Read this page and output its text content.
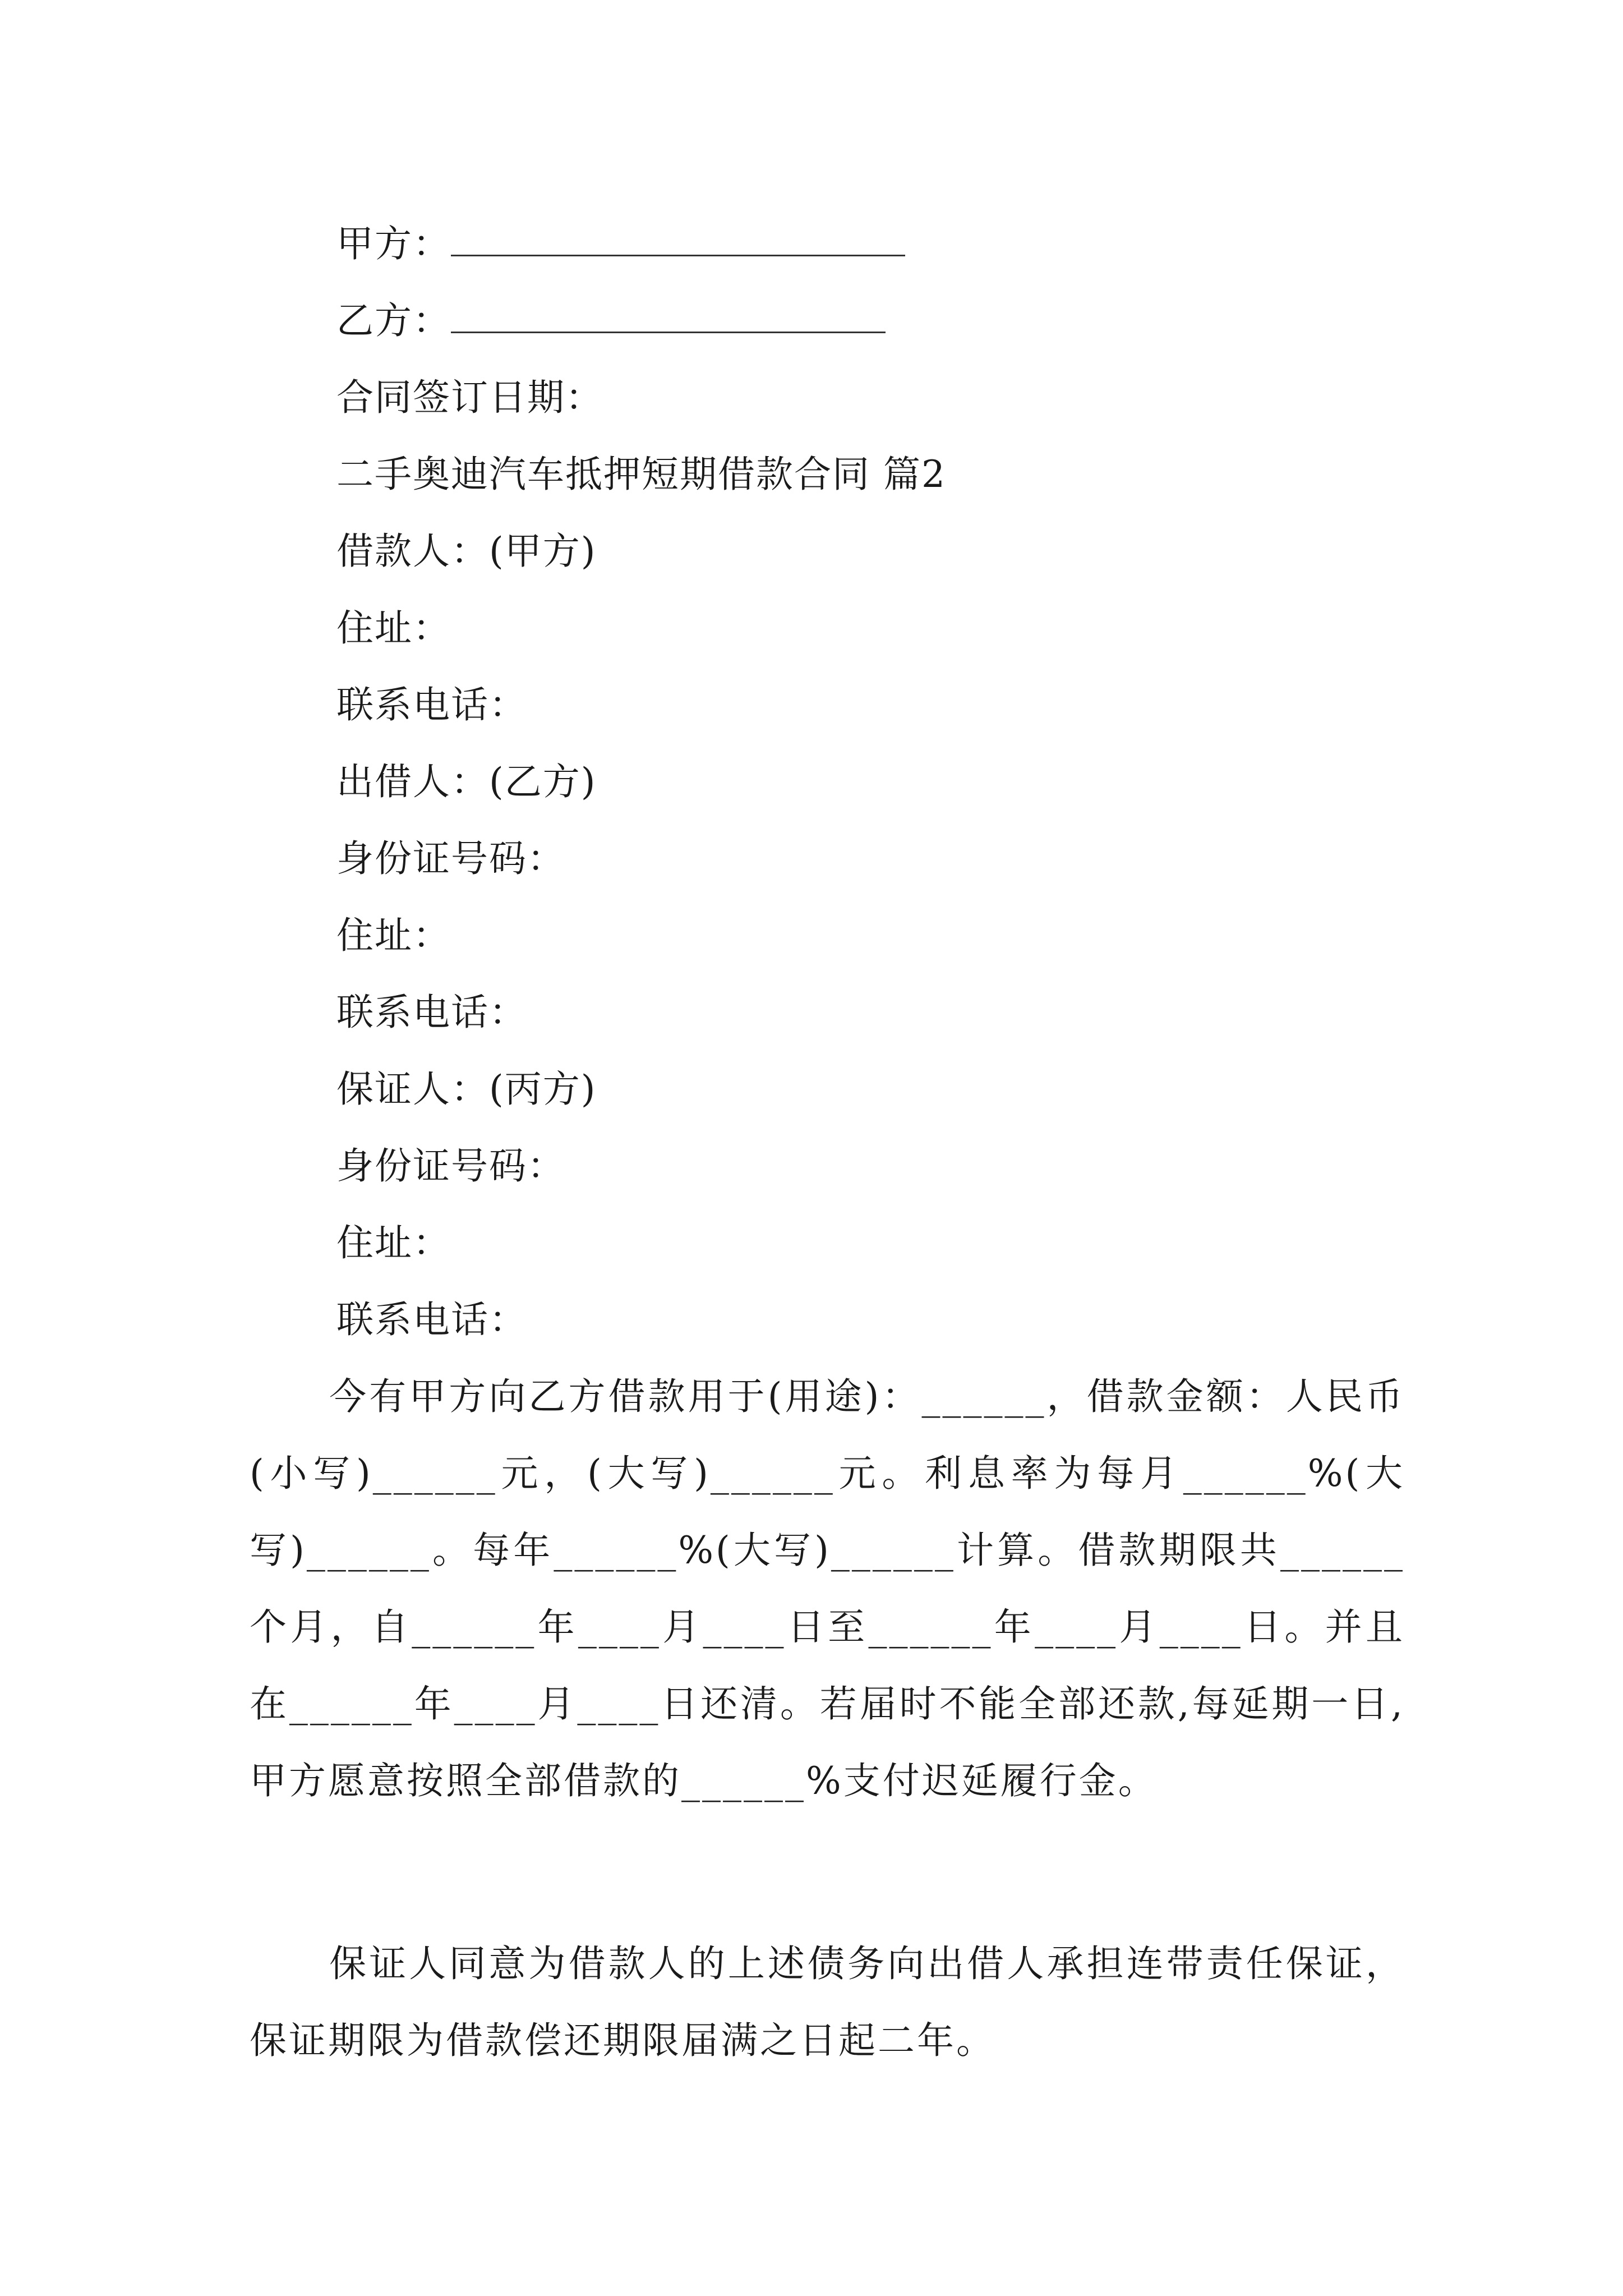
甲方：
乙方：
合同签订日期：
二手奥迪汽车抵押短期借款合同 篇2
借款人：(甲方)
住址：
联系电话：
出借人：(乙方)
身份证号码：
住址：
联系电话：
保证人：(丙方)
身份证号码：
住址：
联系电话：
　　今有甲方向乙方借款用于(用途)：______，借款金额：人民币(小写)______元，(大写)______元。利息率为每月______%(大写)______。每年______%(大写)______计算。借款期限共______个月，自______年____月____日至______年____月____日。并且在______年____月____日还清。若届时不能全部还款,每延期一日,甲方愿意按照全部借款的______%支付迟延履行金。
　　保证人同意为借款人的上述债务向出借人承担连带责任保证，保证期限为借款偿还期限届满之日起二年。
